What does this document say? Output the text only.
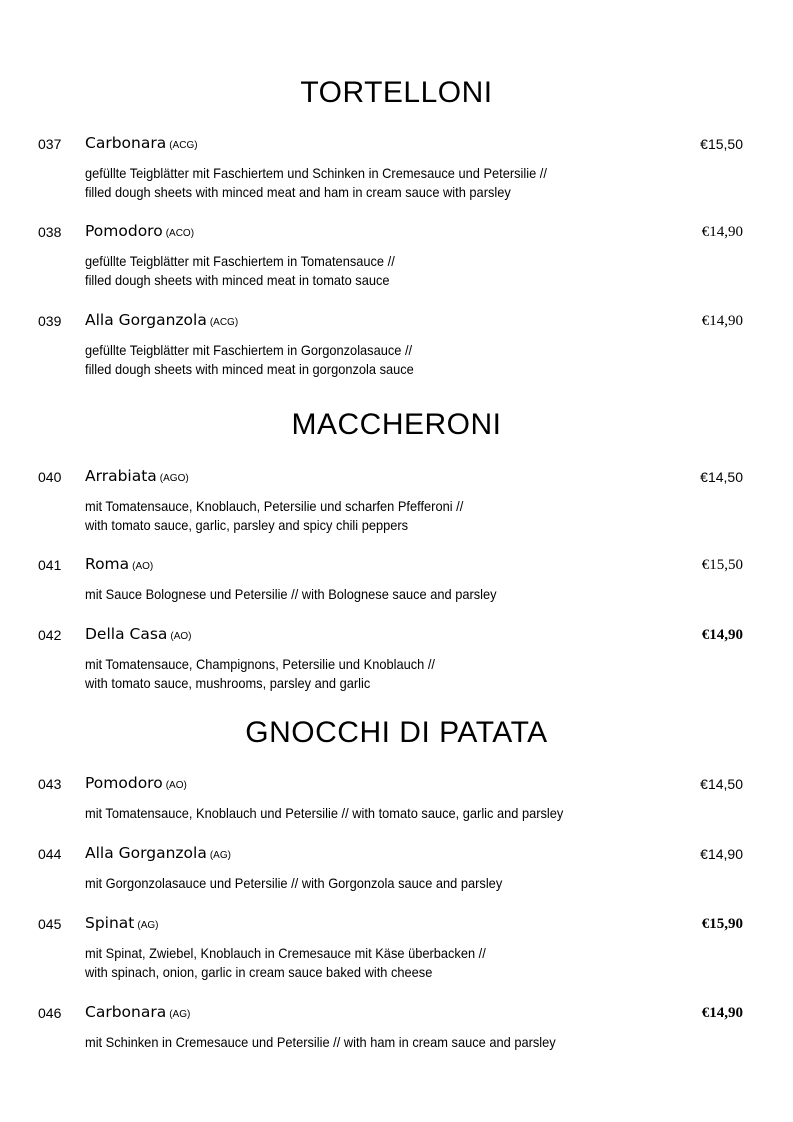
TORTELLONI
037 Carbonara (ACG)	€15,50
gefüllte Teigblätter mit Faschiertem und Schinken in Cremesauce und Petersilie //
filled dough sheets with minced meat and ham in cream sauce with parsley
038 Pomodoro (ACO)	€14,90
gefüllte Teigblätter mit Faschiertem in Tomatensauce //
filled dough sheets with minced meat in tomato sauce
039 Alla Gorganzola (ACG)	€14,90
gefüllte Teigblätter mit Faschiertem in Gorgonzolasauce //
filled dough sheets with minced meat in gorgonzola sauce
MACCHERONI
040 Arrabiata (AGO)	€14,50
mit Tomatensauce, Knoblauch, Petersilie und scharfen Pfefferoni //
with tomato sauce, garlic, parsley and spicy chili peppers
041 Roma (AO)	€15,50
mit Sauce Bolognese und Petersilie // with Bolognese sauce and parsley
042 Della Casa (AO)	€14,90
mit Tomatensauce, Champignons, Petersilie und Knoblauch //
with tomato sauce, mushrooms, parsley and garlic
GNOCCHI DI PATATA
043 Pomodoro (AO)	€14,50
mit Tomatensauce, Knoblauch und Petersilie // with tomato sauce, garlic and parsley
044 Alla Gorganzola (AG)	€14,90
mit Gorgonzolasauce und Petersilie // with Gorgonzola sauce and parsley
045 Spinat (AG)	€15,90
mit Spinat, Zwiebel, Knoblauch in Cremesauce mit Käse überbacken //
with spinach, onion, garlic in cream sauce baked with cheese
046 Carbonara (AG)	€14,90
mit Schinken in Cremesauce und Petersilie // with ham in cream sauce and parsley
